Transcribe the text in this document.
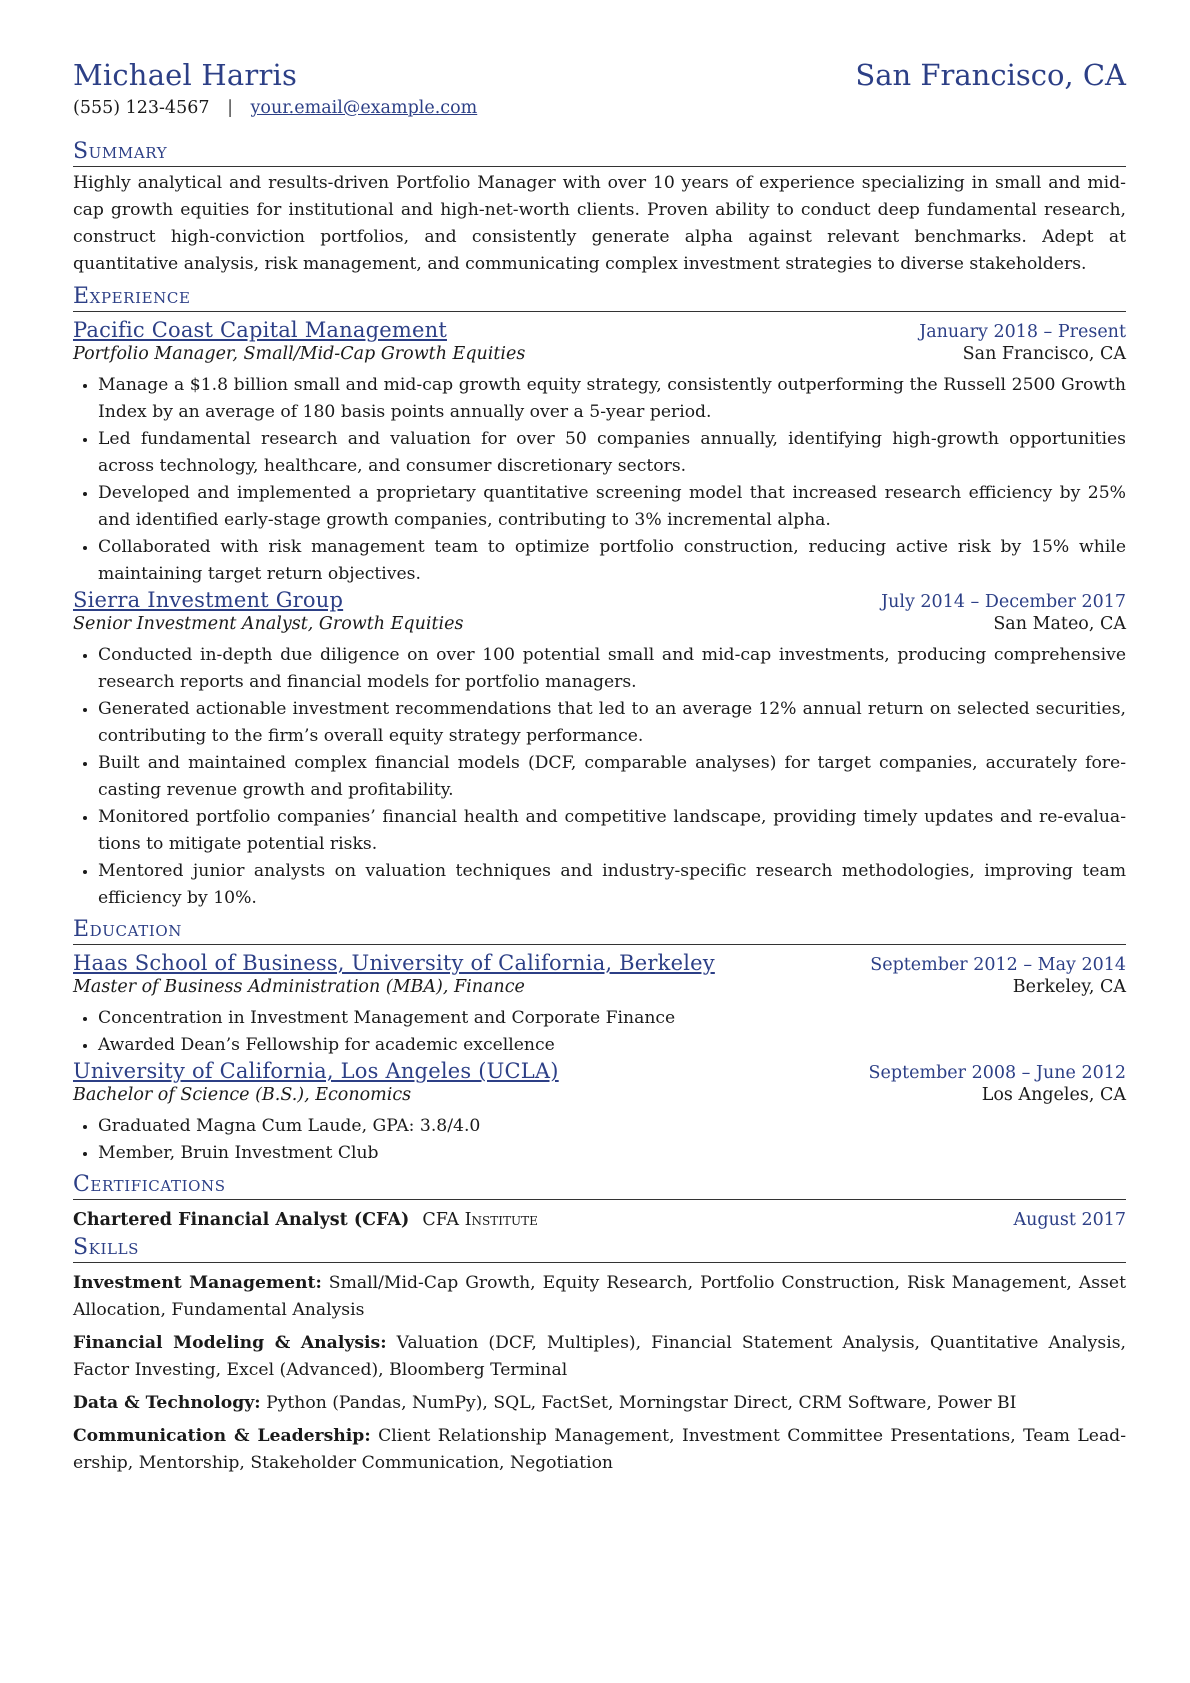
Michael Harris	San Francisco, CA
(555) 123-4567 | your.email@example.com
Summary
Highly analytical and results-driven Portfolio Manager with over 10 years of experience specializing in small and mid-cap growth equities for institutional and high-net-worth clients. Proven ability to conduct deep fundamental research, construct high-conviction portfolios, and consistently generate alpha against relevant benchmarks. Adept at quantitative analysis, risk management, and communicating complex investment strategies to diverse stakeholders.
Experience
Pacific Coast Capital Management	January 2018 – Present
Portfolio Manager, Small/Mid-Cap Growth Equities	San Francisco, CA
• Manage a $1.8 billion small and mid-cap growth equity strategy, consistently outperforming the Russell 2500 Growth Index by an average of 180 basis points annually over a 5-year period.
• Led fundamental research and valuation for over 50 companies annually, identifying high-growth opportunities across technology, healthcare, and consumer discretionary sectors.
• Developed and implemented a proprietary quantitative screening model that increased research efficiency by 25% and identified early-stage growth companies, contributing to 3% incremental alpha.
• Collaborated with risk management team to optimize portfolio construction, reducing active risk by 15% while maintaining target return objectives.
Sierra Investment Group	July 2014 – December 2017
Senior Investment Analyst, Growth Equities	San Mateo, CA
• Conducted in-depth due diligence on over 100 potential small and mid-cap investments, producing comprehensive research reports and financial models for portfolio managers.
• Generated actionable investment recommendations that led to an average 12% annual return on selected securities, contributing to the firm’s overall equity strategy performance.
• Built and maintained complex financial models (DCF, comparable analyses) for target companies, accurately forecasting revenue growth and profitability.
• Monitored portfolio companies’ financial health and competitive landscape, providing timely updates and re-evaluations to mitigate potential risks.
• Mentored junior analysts on valuation techniques and industry-specific research methodologies, improving team efficiency by 10%.
Education
Haas School of Business, University of California, Berkeley	September 2012 – May 2014
Master of Business Administration (MBA), Finance	Berkeley, CA
• Concentration in Investment Management and Corporate Finance
• Awarded Dean’s Fellowship for academic excellence
University of California, Los Angeles (UCLA)	September 2008 – June 2012
Bachelor of Science (B.S.), Economics	Los Angeles, CA
• Graduated Magna Cum Laude, GPA: 3.8/4.0
• Member, Bruin Investment Club
Certifications
Chartered Financial Analyst (CFA) CFA Institute	August 2017
Skills
Investment Management: Small/Mid-Cap Growth, Equity Research, Portfolio Construction, Risk Management, Asset Allocation, Fundamental Analysis
Financial Modeling & Analysis: Valuation (DCF, Multiples), Financial Statement Analysis, Quantitative Analysis, Factor Investing, Excel (Advanced), Bloomberg Terminal
Data & Technology: Python (Pandas, NumPy), SQL, FactSet, Morningstar Direct, CRM Software, Power BI
Communication & Leadership: Client Relationship Management, Investment Committee Presentations, Team Leadership, Mentorship, Stakeholder Communication, Negotiation
